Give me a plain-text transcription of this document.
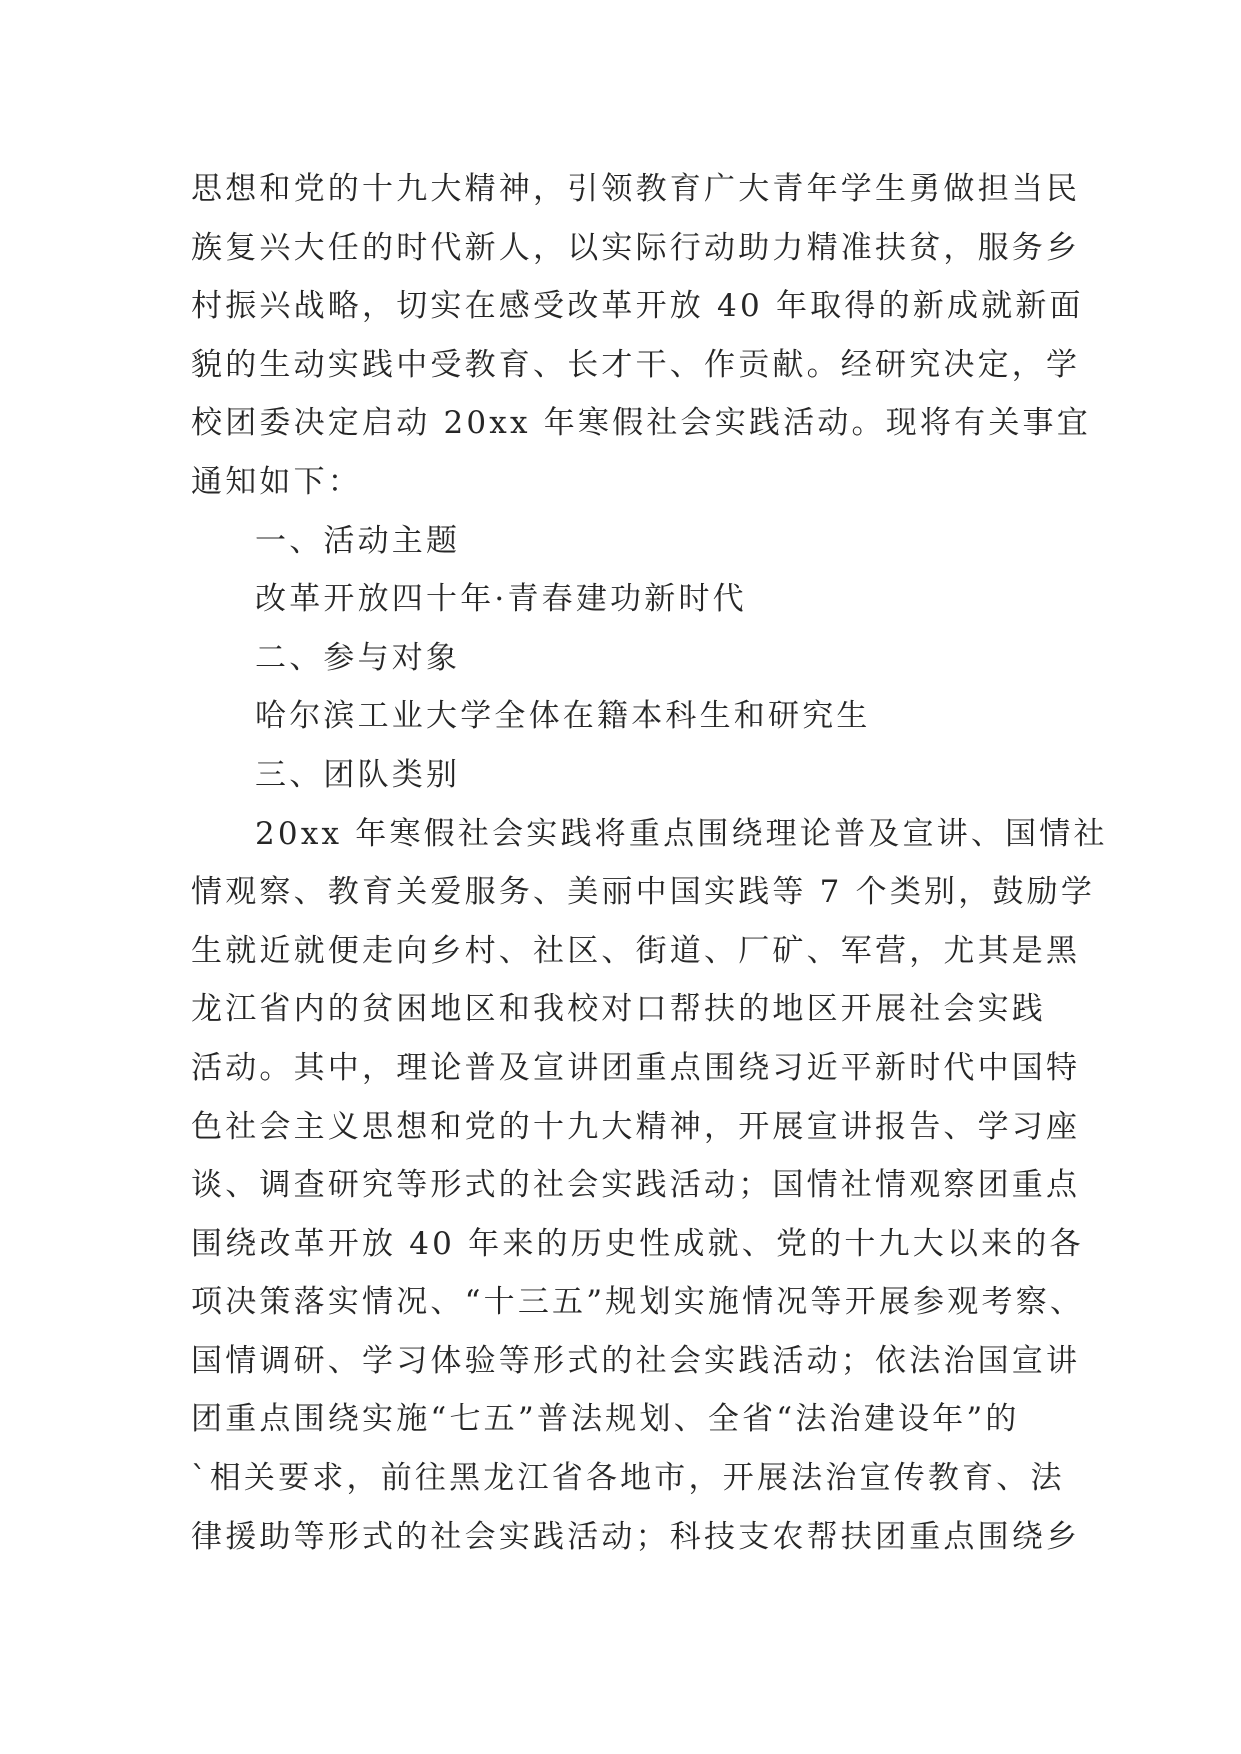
思想和党的十九大精神，引领教育广大青年学生勇做担当民
族复兴大任的时代新人，以实际行动助力精准扶贫，服务乡
村振兴战略，切实在感受改革开放 40 年取得的新成就新面
貌的生动实践中受教育、长才干、作贡献。经研究决定，学
校团委决定启动 20xx 年寒假社会实践活动。现将有关事宜
通知如下：
一、活动主题
改革开放四十年·青春建功新时代
二、参与对象
哈尔滨工业大学全体在籍本科生和研究生
三、团队类别
20xx 年寒假社会实践将重点围绕理论普及宣讲、国情社
情观察、教育关爱服务、美丽中国实践等 7 个类别，鼓励学
生就近就便走向乡村、社区、街道、厂矿、军营，尤其是黑
龙江省内的贫困地区和我校对口帮扶的地区开展社会实践
活动。其中，理论普及宣讲团重点围绕习近平新时代中国特
色社会主义思想和党的十九大精神，开展宣讲报告、学习座
谈、调查研究等形式的社会实践活动；国情社情观察团重点
围绕改革开放 40 年来的历史性成就、党的十九大以来的各
项决策落实情况、“十三五”规划实施情况等开展参观考察、
国情调研、学习体验等形式的社会实践活动；依法治国宣讲
团重点围绕实施“七五”普法规划、全省“法治建设年”的
`相关要求，前往黑龙江省各地市，开展法治宣传教育、法
律援助等形式的社会实践活动；科技支农帮扶团重点围绕乡
